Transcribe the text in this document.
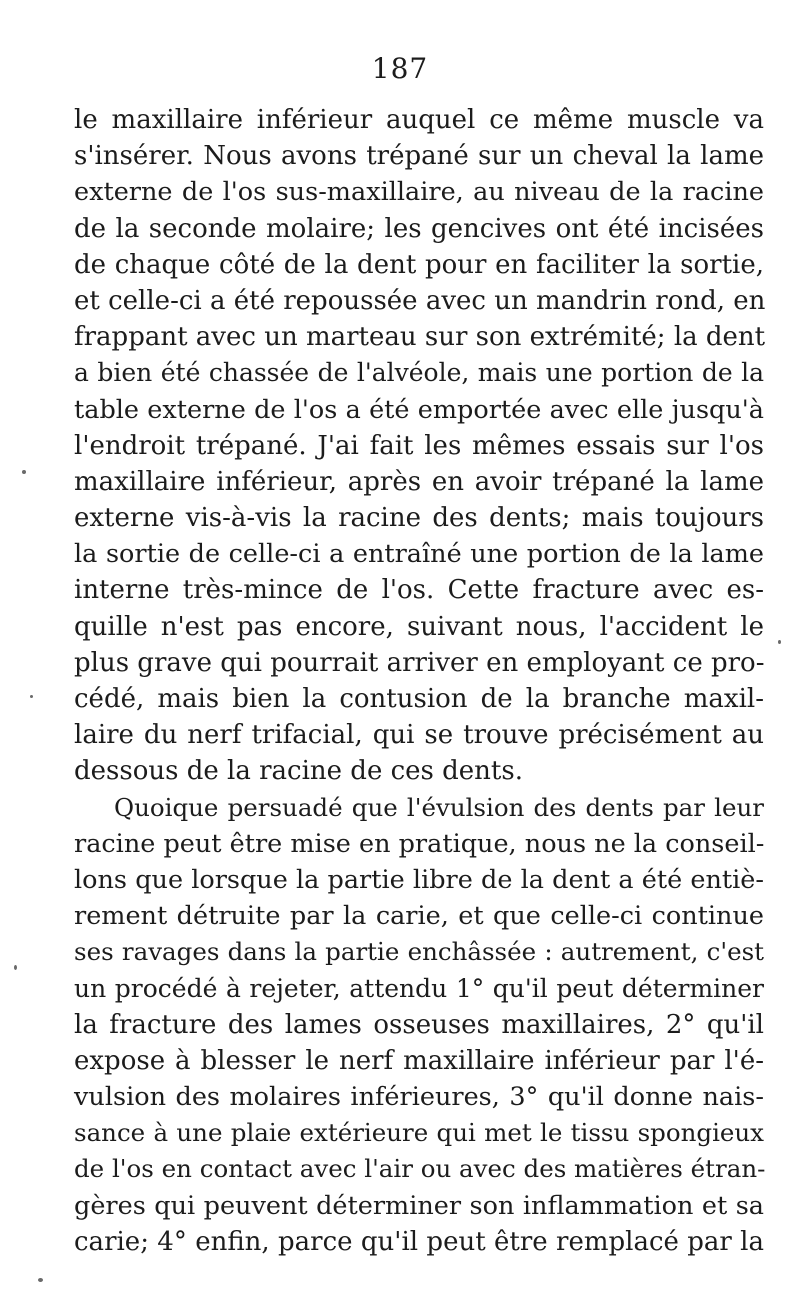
187
le maxillaire inférieur auquel ce même muscle va
s'insérer. Nous avons trépané sur un cheval la lame
externe de l'os sus-maxillaire, au niveau de la racine
de la seconde molaire; les gencives ont été incisées
de chaque côté de la dent pour en faciliter la sortie,
et celle-ci a été repoussée avec un mandrin rond, en
frappant avec un marteau sur son extrémité; la dent
a bien été chassée de l'alvéole, mais une portion de la
table externe de l'os a été emportée avec elle jusqu'à
l'endroit trépané. J'ai fait les mêmes essais sur l'os
maxillaire inférieur, après en avoir trépané la lame
externe vis-à-vis la racine des dents; mais toujours
la sortie de celle-ci a entraîné une portion de la lame
interne très-mince de l'os. Cette fracture avec es-
quille n'est pas encore, suivant nous, l'accident le
plus grave qui pourrait arriver en employant ce pro-
cédé, mais bien la contusion de la branche maxil-
laire du nerf trifacial, qui se trouve précisément au
dessous de la racine de ces dents.
Quoique persuadé que l'évulsion des dents par leur
racine peut être mise en pratique, nous ne la conseil-
lons que lorsque la partie libre de la dent a été entiè-
rement détruite par la carie, et que celle-ci continue
ses ravages dans la partie enchâssée : autrement, c'est
un procédé à rejeter, attendu 1° qu'il peut déterminer
la fracture des lames osseuses maxillaires, 2° qu'il
expose à blesser le nerf maxillaire inférieur par l'é-
vulsion des molaires inférieures, 3° qu'il donne nais-
sance à une plaie extérieure qui met le tissu spongieux
de l'os en contact avec l'air ou avec des matières étran-
gères qui peuvent déterminer son inflammation et sa
carie; 4° enfin, parce qu'il peut être remplacé par la
